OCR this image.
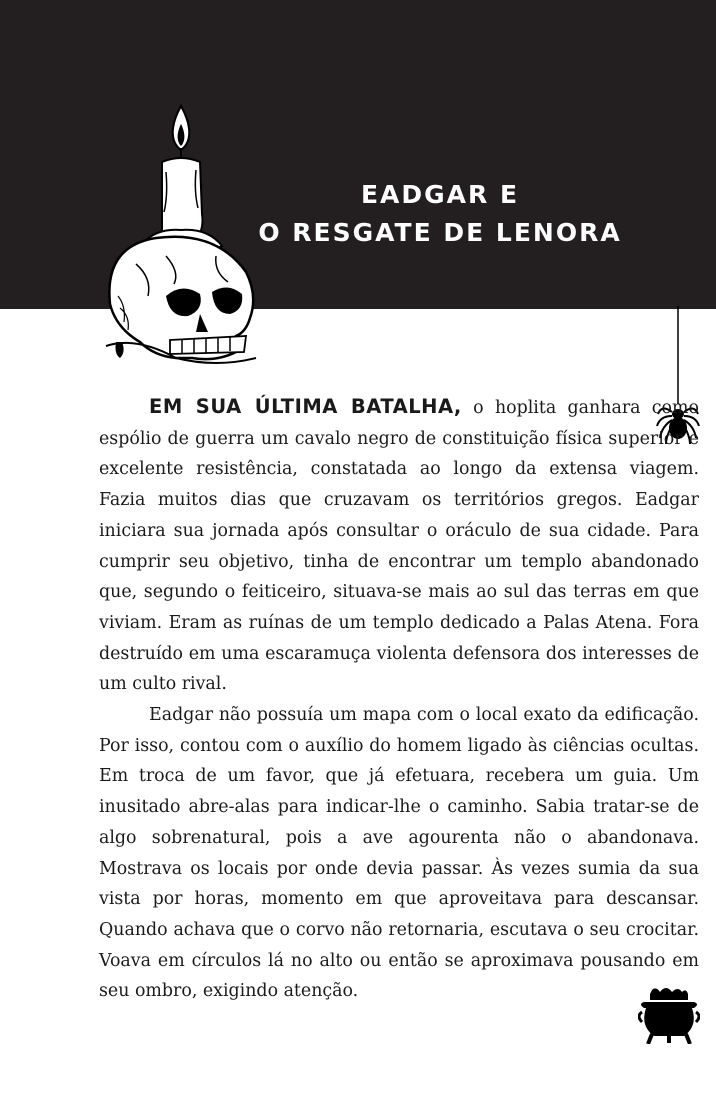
EADGAR E
O RESGATE DE LENORA

EM SUA ÚLTIMA BATALHA, o hoplita ganhara como espólio de guerra um cavalo negro de constituição física superior e excelente resistência, constatada ao longo da extensa viagem. Fazia muitos dias que cruzavam os territórios gregos. Eadgar iniciara sua jornada após consultar o oráculo de sua cidade. Para cumprir seu objetivo, tinha de encontrar um templo abandonado que, segundo o feiticeiro, situava-se mais ao sul das terras em que viviam. Eram as ruínas de um templo dedicado a Palas Atena. Fora destruído em uma escaramuça violenta defensora dos interesses de um culto rival.

Eadgar não possuía um mapa com o local exato da edificação. Por isso, contou com o auxílio do homem ligado às ciências ocultas. Em troca de um favor, que já efetuara, recebera um guia. Um inusitado abre-alas para indicar-lhe o caminho. Sabia tratar-se de algo sobrenatural, pois a ave agourenta não o abandonava. Mostrava os locais por onde devia passar. Às vezes sumia da sua vista por horas, momento em que aproveitava para descansar. Quando achava que o corvo não retornaria, escutava o seu crocitar. Voava em círculos lá no alto ou então se aproximava pousando em seu ombro, exigindo atenção.
